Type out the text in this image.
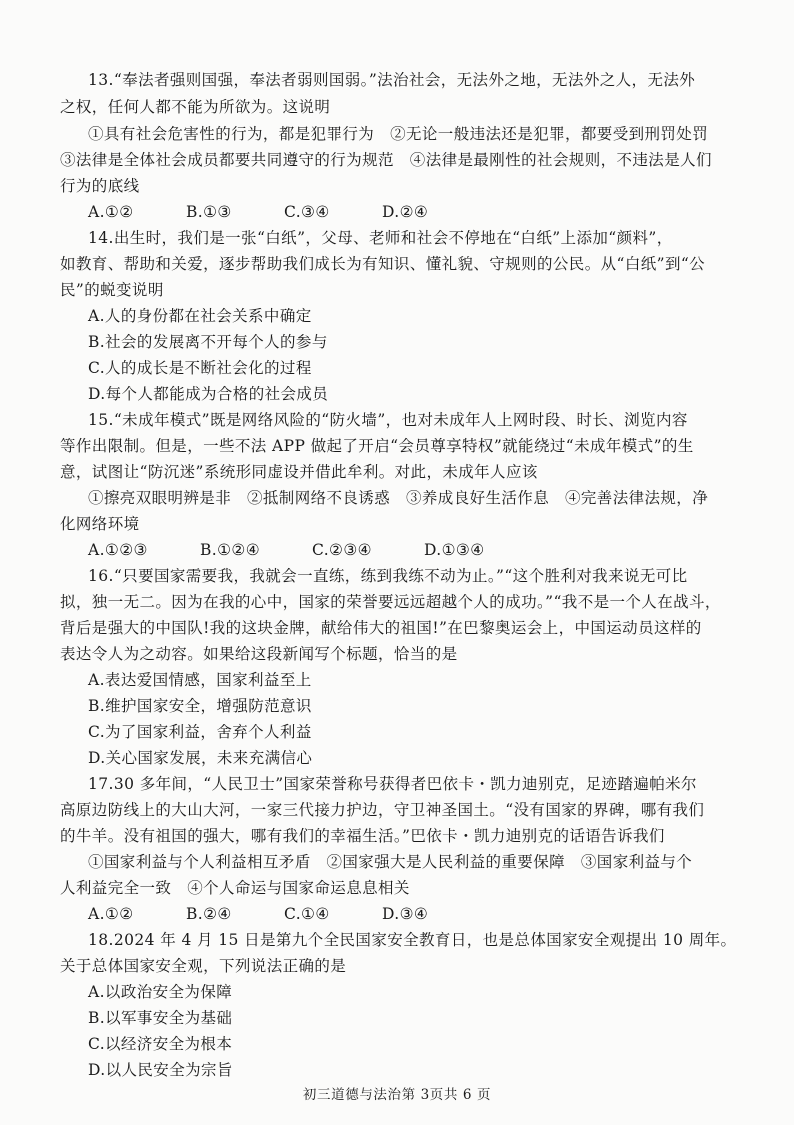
13.“奉法者强则国强，奉法者弱则国弱。”法治社会，无法外之地，无法外之人，无法外
之权，任何人都不能为所欲为。这说明
①具有社会危害性的行为，都是犯罪行为　②无论一般违法还是犯罪，都要受到刑罚处罚
③法律是全体社会成员都要共同遵守的行为规范　④法律是最刚性的社会规则，不违法是人们
行为的底线
A.①②	B.①③	C.③④	D.②④
14.出生时，我们是一张“白纸”，父母、老师和社会不停地在“白纸”上添加“颜料”，
如教育、帮助和关爱，逐步帮助我们成长为有知识、懂礼貌、守规则的公民。从“白纸”到“公
民”的蜕变说明
A.人的身份都在社会关系中确定
B.社会的发展离不开每个人的参与
C.人的成长是不断社会化的过程
D.每个人都能成为合格的社会成员
15.“未成年模式”既是网络风险的“防火墙”，也对未成年人上网时段、时长、浏览内容
等作出限制。但是，一些不法 APP 做起了开启“会员尊享特权”就能绕过“未成年模式”的生
意，试图让“防沉迷”系统形同虚设并借此牟利。对此，未成年人应该
①擦亮双眼明辨是非　②抵制网络不良诱惑　③养成良好生活作息　④完善法律法规，净
化网络环境
A.①②③	B.①②④	C.②③④	D.①③④
16.“只要国家需要我，我就会一直练，练到我练不动为止。”“这个胜利对我来说无可比
拟，独一无二。因为在我的心中，国家的荣誉要远远超越个人的成功。”“我不是一个人在战斗，
背后是强大的中国队!我的这块金牌，献给伟大的祖国!”在巴黎奥运会上，中国运动员这样的
表达令人为之动容。如果给这段新闻写个标题，恰当的是
A.表达爱国情感，国家利益至上
B.维护国家安全，增强防范意识
C.为了国家利益，舍弃个人利益
D.关心国家发展，未来充满信心
17.30 多年间，“人民卫士”国家荣誉称号获得者巴依卡・凯力迪别克，足迹踏遍帕米尔
高原边防线上的大山大河，一家三代接力护边，守卫神圣国土。“没有国家的界碑，哪有我们
的牛羊。没有祖国的强大，哪有我们的幸福生活。”巴依卡・凯力迪别克的话语告诉我们
①国家利益与个人利益相互矛盾　②国家强大是人民利益的重要保障　③国家利益与个
人利益完全一致　④个人命运与国家命运息息相关
A.①②	B.②④	C.①④	D.③④
18.2024 年 4 月 15 日是第九个全民国家安全教育日，也是总体国家安全观提出 10 周年。
关于总体国家安全观，下列说法正确的是
A.以政治安全为保障
B.以军事安全为基础
C.以经济安全为根本
D.以人民安全为宗旨
初三道德与法治第 3页共 6 页
